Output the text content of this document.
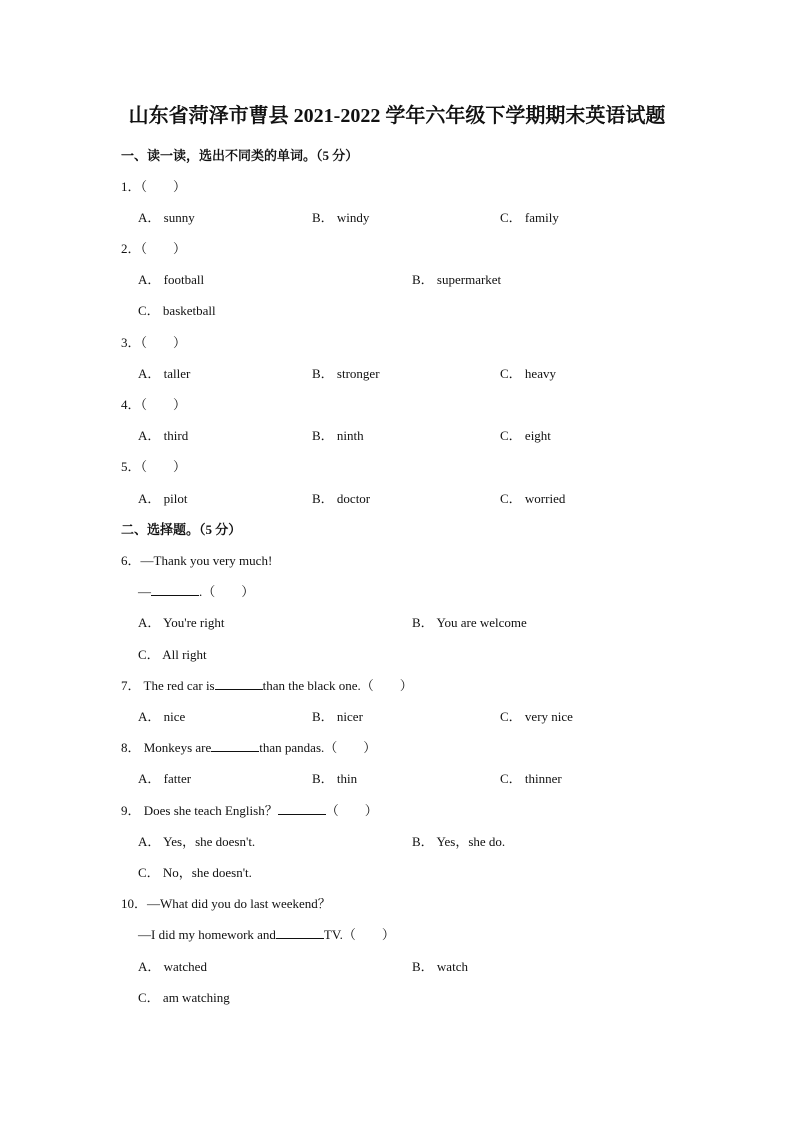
山东省菏泽市曹县 2021-2022 学年六年级下学期期末英语试题
一、读一读，选出不同类的单词。（5 分）
1．（　　）
A． sunny	B． windy	C． family
2．（　　）
A． football	B． supermarket
C． basketball
3．（　　）
A． taller	B． stronger	C． heavy
4．（　　）
A． third	B． ninth	C． eight
5．（　　）
A． pilot	B． doctor	C． worried
二、选择题。（5 分）
6．—Thank you very much!
—	.（　　）
A． You're right	B． You are welcome
C． All right
7． The red car is	than the black one.（　　）
A． nice	B． nicer	C． very nice
8． Monkeys are	than pandas.（　　）
A． fatter	B． thin	C． thinner
9． Does she teach English？	（　　）
A． Yes，she doesn't.	B． Yes，she do.
C． No，she doesn't.
10．—What did you do last weekend？
—I did my homework and	TV.（　　）
A． watched	B． watch
C． am watching
